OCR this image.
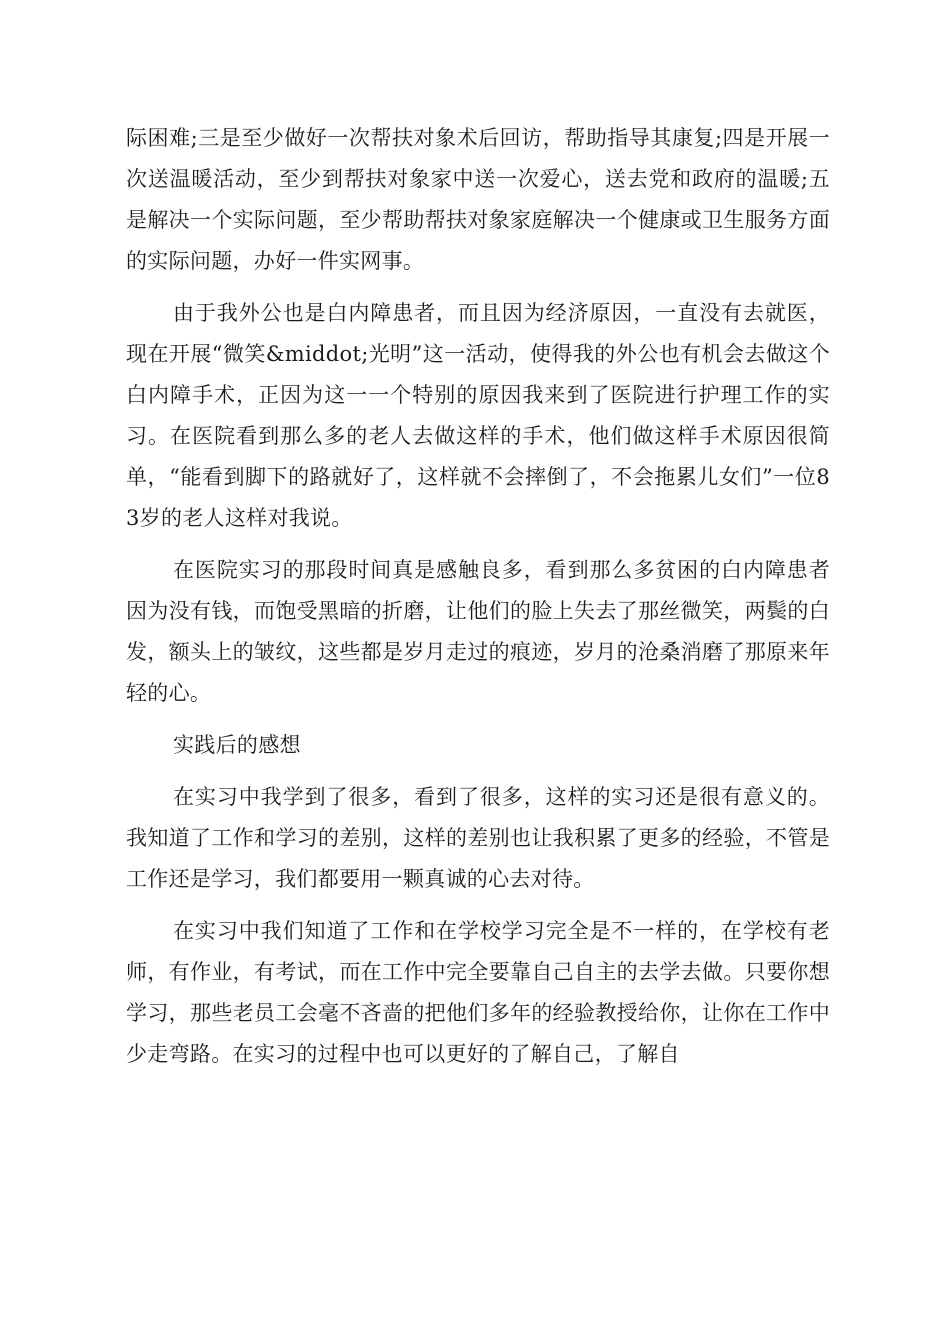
际困难;三是至少做好一次帮扶对象术后回访，帮助指导其康复;四是开展一次送温暖活动，至少到帮扶对象家中送一次爱心，送去党和政府的温暖;五是解决一个实际问题，至少帮助帮扶对象家庭解决一个健康或卫生服务方面的实际问题，办好一件实网事。

由于我外公也是白内障患者，而且因为经济原因，一直没有去就医，现在开展“微笑&middot;光明”这一活动，使得我的外公也有机会去做这个白内障手术，正因为这一一个特别的原因我来到了医院进行护理工作的实习。在医院看到那么多的老人去做这样的手术，他们做这样手术原因很简单，“能看到脚下的路就好了，这样就不会摔倒了，不会拖累儿女们”一位83岁的老人这样对我说。

在医院实习的那段时间真是感触良多，看到那么多贫困的白内障患者因为没有钱，而饱受黑暗的折磨，让他们的脸上失去了那丝微笑，两鬓的白发，额头上的皱纹，这些都是岁月走过的痕迹，岁月的沧桑消磨了那原来年轻的心。

实践后的感想

在实习中我学到了很多，看到了很多，这样的实习还是很有意义的。我知道了工作和学习的差别，这样的差别也让我积累了更多的经验，不管是工作还是学习，我们都要用一颗真诚的心去对待。

在实习中我们知道了工作和在学校学习完全是不一样的，在学校有老师，有作业，有考试，而在工作中完全要靠自己自主的去学去做。只要你想学习，那些老员工会毫不吝啬的把他们多年的经验教授给你，让你在工作中少走弯路。在实习的过程中也可以更好的了解自己，了解自
